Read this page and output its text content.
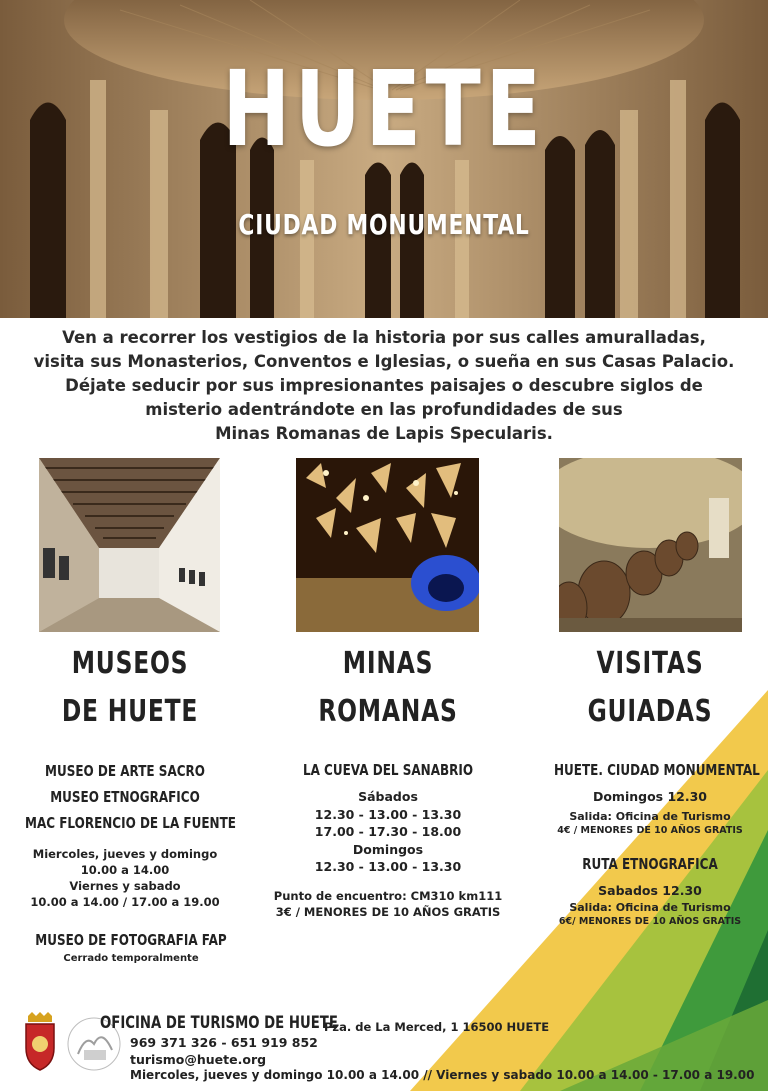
HUETE
CIUDAD MONUMENTAL
Ven a recorrer los vestigios de la historia por sus calles amuralladas,
visita sus Monasterios, Conventos e Iglesias, o sueña en sus Casas Palacio.
Déjate seducir por sus impresionantes paisajes o descubre siglos de
misterio adentrándote en las profundidades de sus
Minas Romanas de Lapis Specularis.
MUSEOS
DE HUETE
MUSEO DE ARTE SACRO
MUSEO ETNOGRAFICO
MAC FLORENCIO DE LA FUENTE
Miercoles, jueves y domingo
10.00 a 14.00
Viernes y sabado
10.00 a 14.00 / 17.00 a 19.00
MUSEO DE FOTOGRAFIA FAP
Cerrado temporalmente
MINAS
ROMANAS
LA CUEVA DEL SANABRIO
Sábados
12.30 - 13.00 - 13.30
17.00 - 17.30 - 18.00
Domingos
12.30 - 13.00 - 13.30
Punto de encuentro: CM310 km111
3€ / MENORES DE 10 AÑOS GRATIS
VISITAS
GUIADAS
HUETE. CIUDAD MONUMENTAL
Domingos 12.30
Salida: Oficina de Turismo
4€ / MENORES DE 10 AÑOS GRATIS
RUTA ETNOGRAFICA
Sabados 12.30
Salida: Oficina de Turismo
6€/ MENORES DE 10 AÑOS GRATIS
OFICINA DE TURISMO DE HUETE
Pza. de La Merced, 1 16500 HUETE
969 371 326 - 651 919 852
turismo@huete.org
Miercoles, jueves y domingo 10.00 a 14.00 // Viernes y sabado 10.00 a 14.00 - 17.00 a 19.00
